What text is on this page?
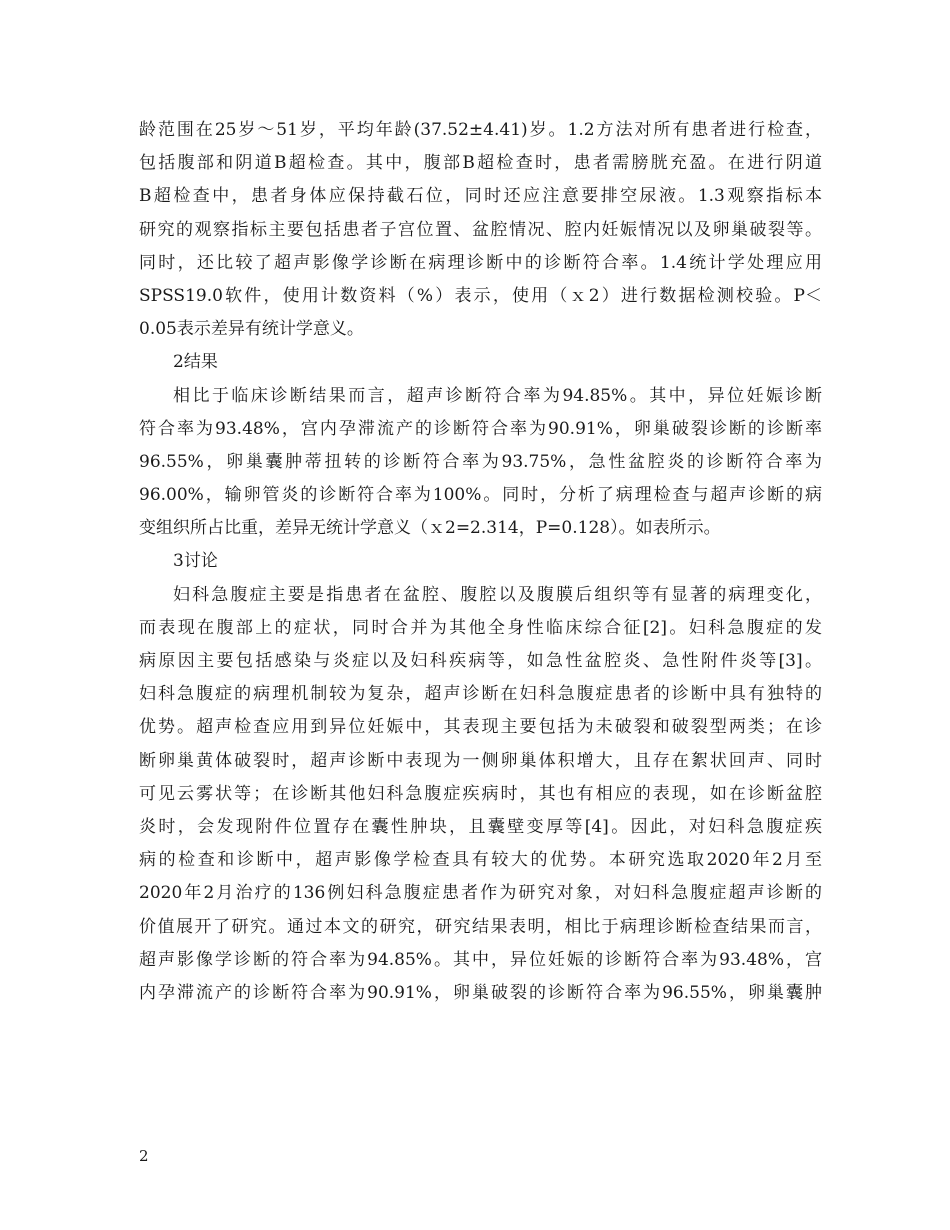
龄范围在25岁～51岁，平均年龄(37.52±4.41)岁。1.2方法对所有患者进行检查，
包括腹部和阴道B超检查。其中，腹部B超检查时，患者需膀胱充盈。在进行阴道
B超检查中，患者身体应保持截石位，同时还应注意要排空尿液。1.3观察指标本
研究的观察指标主要包括患者子宫位置、盆腔情况、腔内妊娠情况以及卵巢破裂等。
同时，还比较了超声影像学诊断在病理诊断中的诊断符合率。1.4统计学处理应用
SPSS19.0软件，使用计数资料（%）表示，使用（ｘ2）进行数据检测校验。P＜
0.05表示差异有统计学意义。
2结果
相比于临床诊断结果而言，超声诊断符合率为94.85%。其中，异位妊娠诊断
符合率为93.48%，宫内孕滞流产的诊断符合率为90.91%，卵巢破裂诊断的诊断率
96.55%，卵巢囊肿蒂扭转的诊断符合率为93.75%，急性盆腔炎的诊断符合率为
96.00%，输卵管炎的诊断符合率为100%。同时，分析了病理检查与超声诊断的病
变组织所占比重，差异无统计学意义（ｘ2=2.314，P=0.128）。如表所示。
3讨论
妇科急腹症主要是指患者在盆腔、腹腔以及腹膜后组织等有显著的病理变化，
而表现在腹部上的症状，同时合并为其他全身性临床综合征[2]。妇科急腹症的发
病原因主要包括感染与炎症以及妇科疾病等，如急性盆腔炎、急性附件炎等[3]。
妇科急腹症的病理机制较为复杂，超声诊断在妇科急腹症患者的诊断中具有独特的
优势。超声检查应用到异位妊娠中，其表现主要包括为未破裂和破裂型两类；在诊
断卵巢黄体破裂时，超声诊断中表现为一侧卵巢体积增大，且存在絮状回声、同时
可见云雾状等；在诊断其他妇科急腹症疾病时，其也有相应的表现，如在诊断盆腔
炎时，会发现附件位置存在囊性肿块，且囊壁变厚等[4]。因此，对妇科急腹症疾
病的检查和诊断中，超声影像学检查具有较大的优势。本研究选取2020年2月至
2020年2月治疗的136例妇科急腹症患者作为研究对象，对妇科急腹症超声诊断的
价值展开了研究。通过本文的研究，研究结果表明，相比于病理诊断检查结果而言，
超声影像学诊断的符合率为94.85%。其中，异位妊娠的诊断符合率为93.48%，宫
内孕滞流产的诊断符合率为90.91%，卵巢破裂的诊断符合率为96.55%，卵巢囊肿
2
